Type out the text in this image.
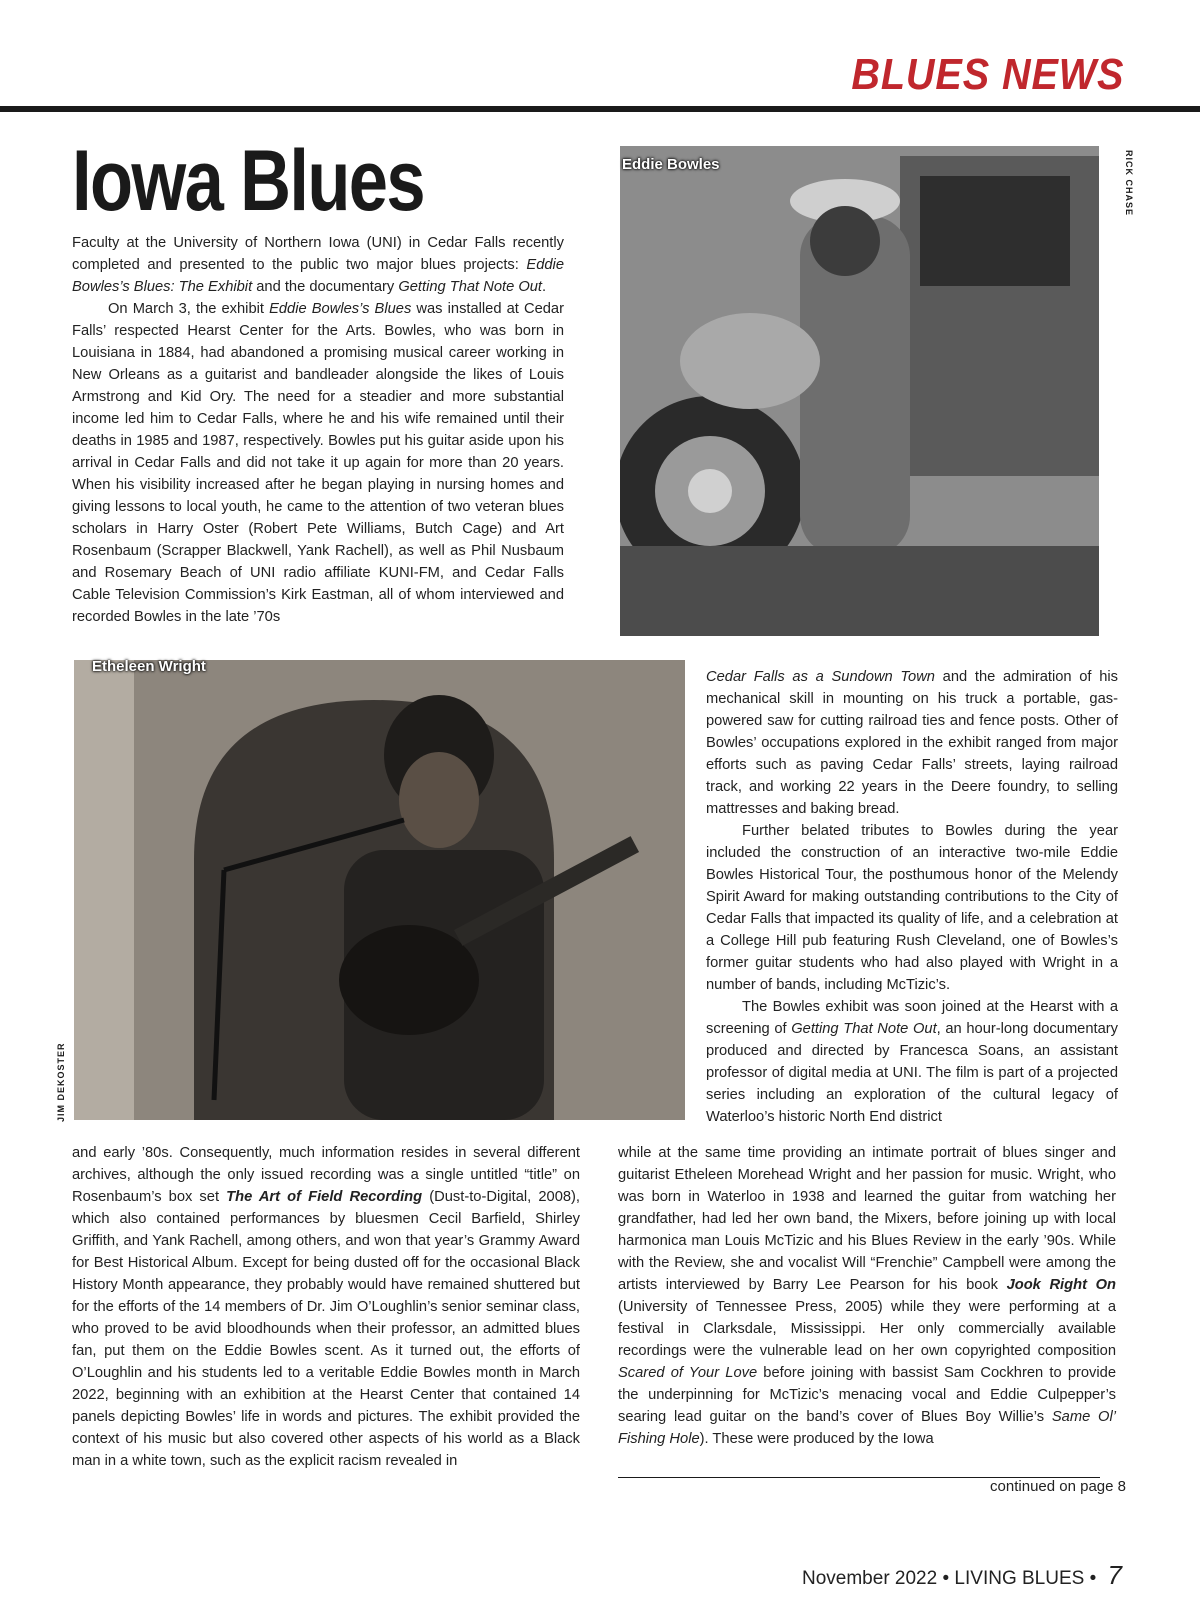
BLUES NEWS
Iowa Blues	Eddie Bowles	RICK CHASE

Faculty at the University of Northern Iowa (UNI) in Cedar Falls recently completed and presented to the public two major blues projects: Eddie Bowles’s Blues: The Exhibit and the documentary Getting That Note Out.

On March 3, the exhibit Eddie Bowles’s Blues was installed at Cedar Falls’ respected Hearst Center for the Arts. Bowles, who was born in Louisiana in 1884, had abandoned a promising musical career working in New Orleans as a guitarist and bandleader alongside the likes of Louis Armstrong and Kid Ory. The need for a steadier and more substantial income led him to Cedar Falls, where he and his wife remained until their deaths in 1985 and 1987, respectively. Bowles put his guitar aside upon his arrival in Cedar Falls and did not take it up again for more than 20 years. When his visibility increased after he began playing in nursing homes and giving lessons to local youth, he came to the attention of two veteran blues scholars in Harry Oster (Robert Pete Williams, Butch Cage) and Art Rosenbaum (Scrapper Blackwell, Yank Rachell), as well as Phil Nusbaum and Rosemary Beach of UNI radio affiliate KUNI-FM, and Cedar Falls Cable Television Commission’s Kirk Eastman, all of whom interviewed and recorded Bowles in the late ’70s

Etheleen Wright
JIM DEKOSTER

Cedar Falls as a Sundown Town and the admiration of his mechanical skill in mounting on his truck a portable, gas-powered saw for cutting railroad ties and fence posts. Other of Bowles’ occupations explored in the exhibit ranged from major efforts such as paving Cedar Falls’ streets, laying railroad track, and working 22 years in the Deere foundry, to selling mattresses and baking bread.

Further belated tributes to Bowles during the year included the construction of an interactive two-mile Eddie Bowles Historical Tour, the posthumous honor of the Melendy Spirit Award for making outstanding contributions to the City of Cedar Falls that impacted its quality of life, and a celebration at a College Hill pub featuring Rush Cleveland, one of Bowles’s former guitar students who had also played with Wright in a number of bands, including McTizic’s.

The Bowles exhibit was soon joined at the Hearst with a screening of Getting That Note Out, an hour-long documentary produced and directed by Francesca Soans, an assistant professor of digital media at UNI. The film is part of a projected series including an exploration of the cultural legacy of Waterloo’s historic North End district

and early ’80s. Consequently, much information resides in several different archives, although the only issued recording was a single untitled “title” on Rosenbaum’s box set The Art of Field Recording (Dust-to-Digital, 2008), which also contained performances by bluesmen Cecil Barfield, Shirley Griffith, and Yank Rachell, among others, and won that year’s Grammy Award for Best Historical Album. Except for being dusted off for the occasional Black History Month appearance, they probably would have remained shuttered but for the efforts of the 14 members of Dr. Jim O’Loughlin’s senior seminar class, who proved to be avid bloodhounds when their professor, an admitted blues fan, put them on the Eddie Bowles scent. As it turned out, the efforts of O’Loughlin and his students led to a veritable Eddie Bowles month in March 2022, beginning with an exhibition at the Hearst Center that contained 14 panels depicting Bowles’ life in words and pictures. The exhibit provided the context of his music but also covered other aspects of his world as a Black man in a white town, such as the explicit racism revealed in

while at the same time providing an intimate portrait of blues singer and guitarist Etheleen Morehead Wright and her passion for music. Wright, who was born in Waterloo in 1938 and learned the guitar from watching her grandfather, had led her own band, the Mixers, before joining up with local harmonica man Louis McTizic and his Blues Review in the early ’90s. While with the Review, she and vocalist Will “Frenchie” Campbell were among the artists interviewed by Barry Lee Pearson for his book Jook Right On (University of Tennessee Press, 2005) while they were performing at a festival in Clarksdale, Mississippi. Her only commercially available recordings were the vulnerable lead on her own copyrighted composition Scared of Your Love before joining with bassist Sam Cockhren to provide the underpinning for McTizic’s menacing vocal and Eddie Culpepper’s searing lead guitar on the band’s cover of Blues Boy Willie’s Same Ol’ Fishing Hole). These were produced by the Iowa

continued on page 8
November 2022 • LIVING BLUES • 7
